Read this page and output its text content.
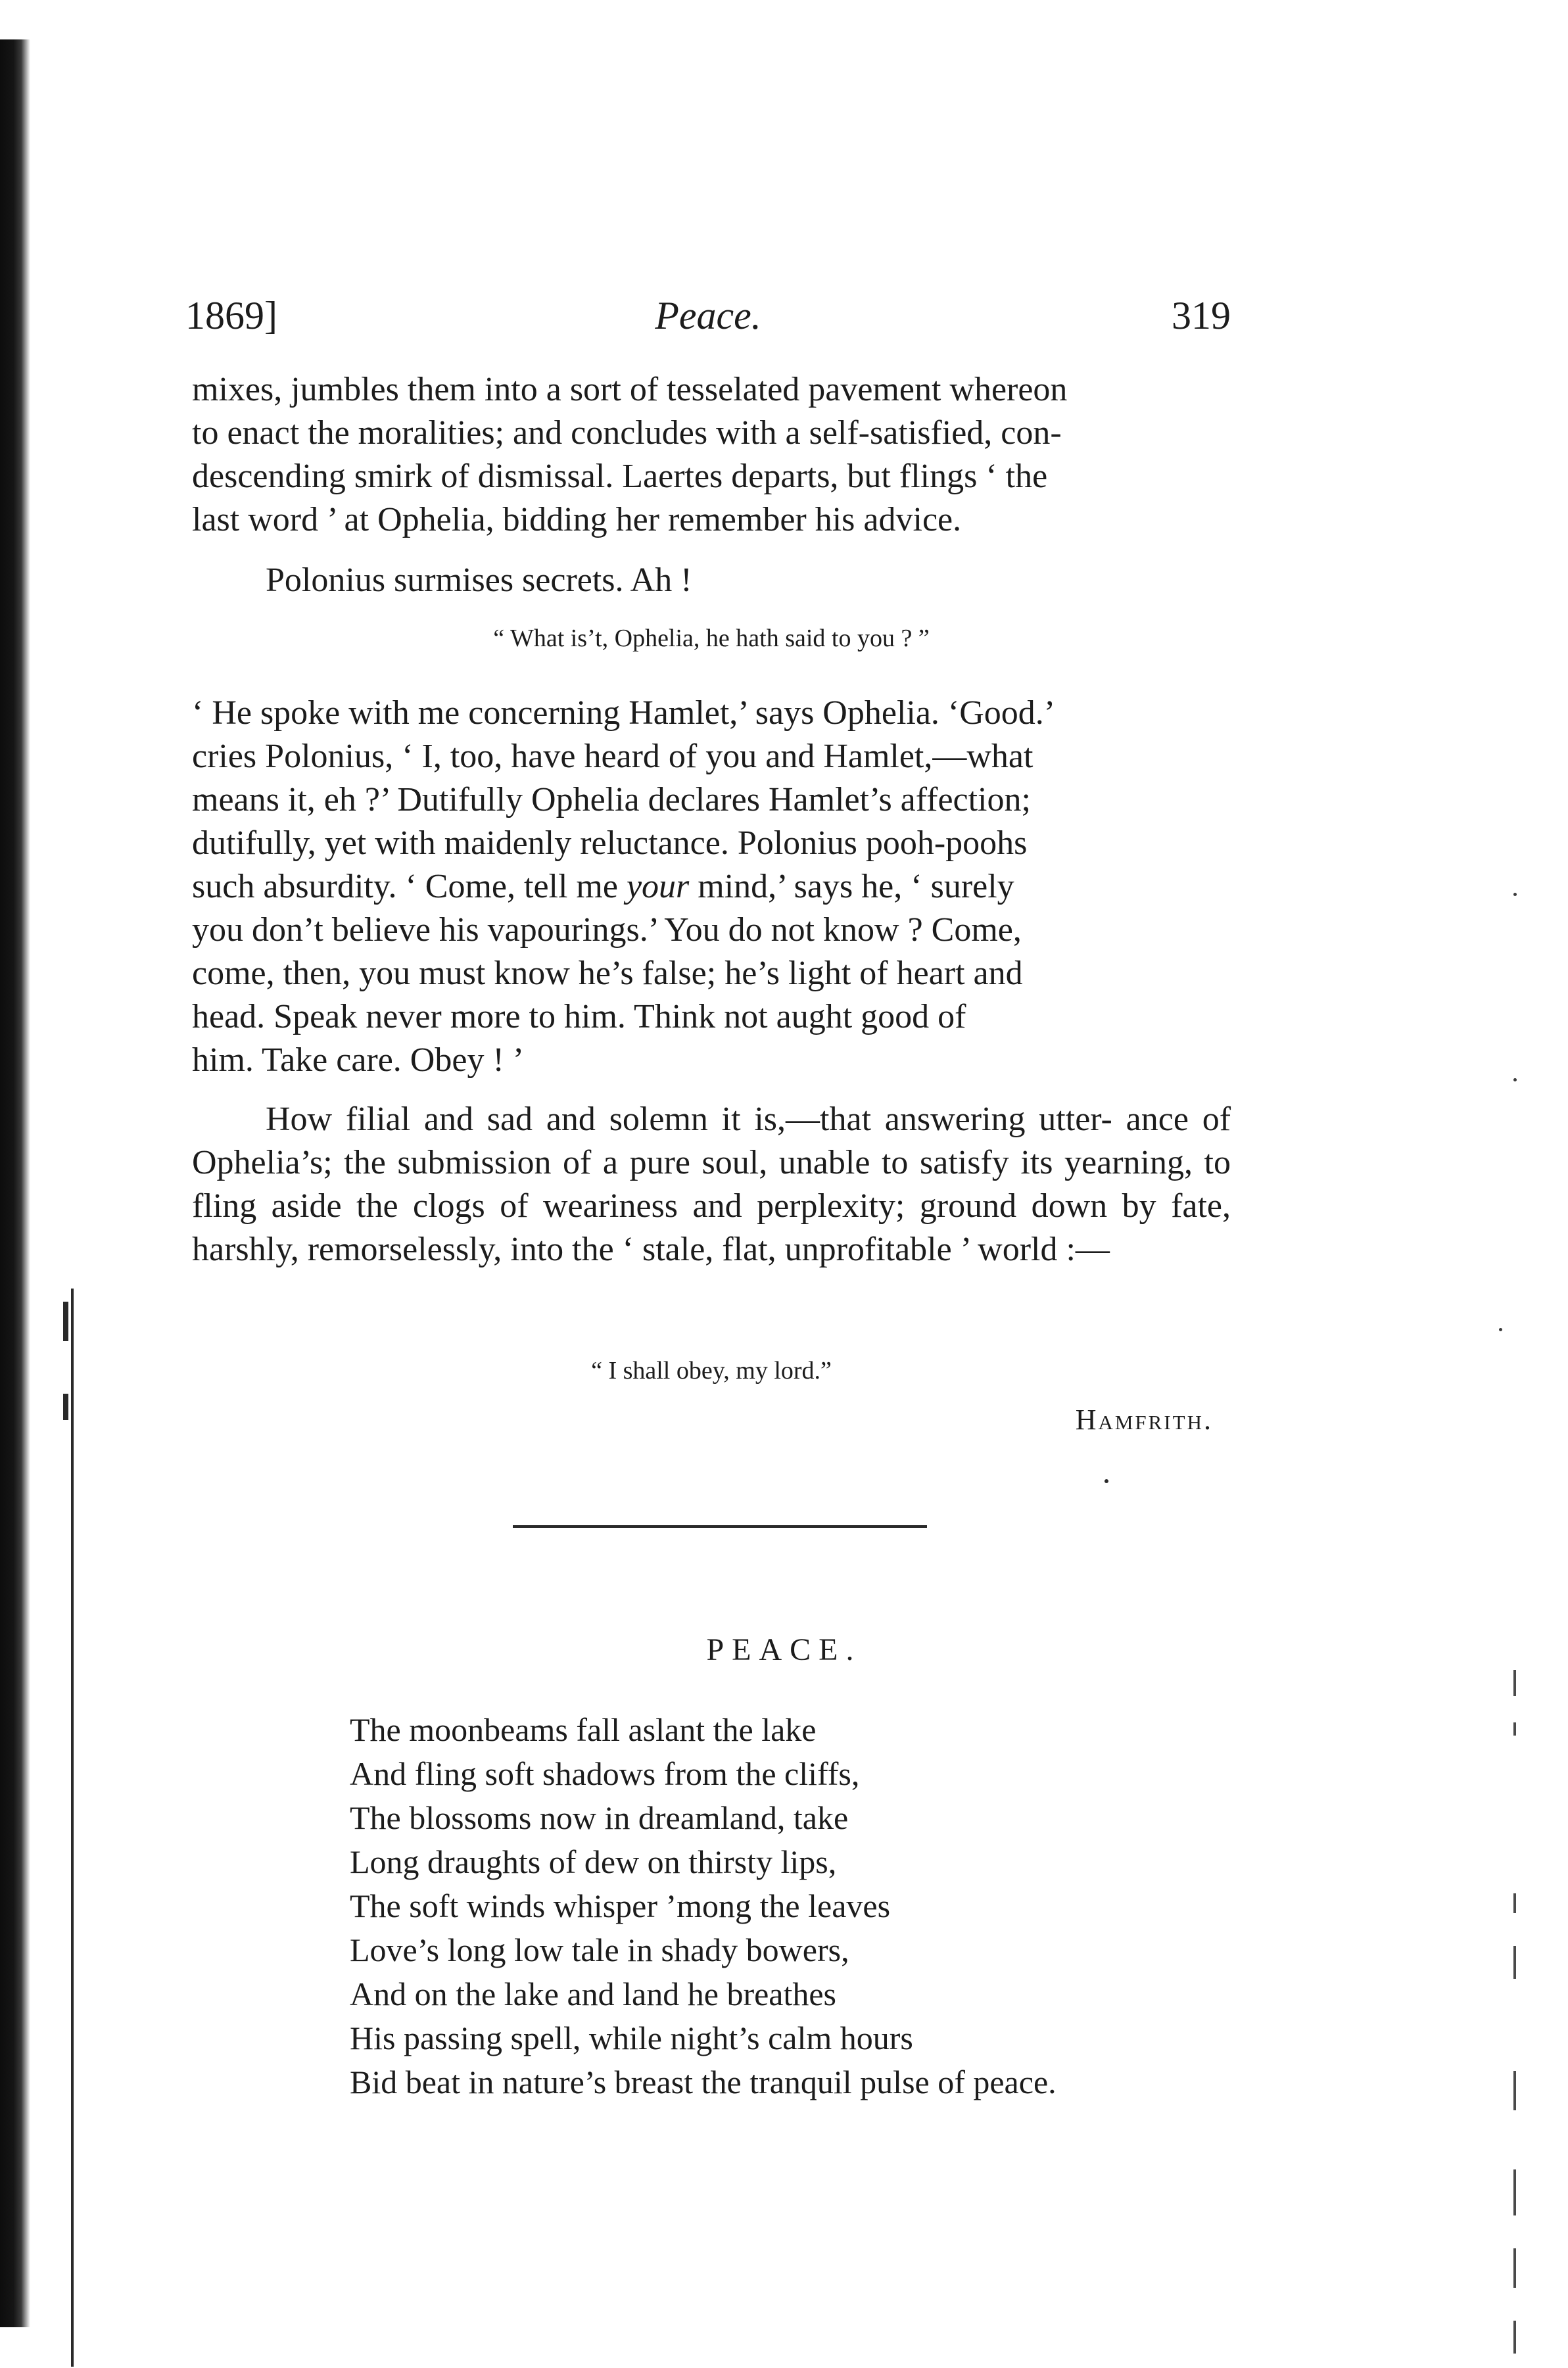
1869]	Peace.	319

mixes, jumbles them into a sort of tesselated pavement whereon
to enact the moralities; and concludes with a self-satisfied, con-
descending smirk of dismissal. Laertes departs, but flings ‘ the
last word ’ at Ophelia, bidding her remember his advice.

Polonius surmises secrets. Ah !

“ What is’t, Ophelia, he hath said to you ? ”

‘ He spoke with me concerning Hamlet,’ says Ophelia. ‘Good.’
cries Polonius, ‘ I, too, have heard of you and Hamlet,—what
means it, eh ?’ Dutifully Ophelia declares Hamlet’s affection;
dutifully, yet with maidenly reluctance. Polonius pooh-poohs
such absurdity. ‘ Come, tell me your mind,’ says he, ‘ surely
you don’t believe his vapourings.’ You do not know ? Come,
come, then, you must know he’s false; he’s light of heart and
head. Speak never more to him. Think not aught good of
him. Take care. Obey ! ’

How filial and sad and solemn it is,—that answering utter- ance of Ophelia’s; the submission of a pure soul, unable to satisfy its yearning, to fling aside the clogs of weariness and perplexity; ground down by fate, harshly, remorselessly, into the ‘ stale, flat, unprofitable ’ world :—

“ I shall obey, my lord.”
Hamfrith.
PEACE.
The moonbeams fall aslant the lake
And fling soft shadows from the cliffs,
The blossoms now in dreamland, take
Long draughts of dew on thirsty lips,
The soft winds whisper ’mong the leaves
Love’s long low tale in shady bowers,
And on the lake and land he breathes
His passing spell, while night’s calm hours
Bid beat in nature’s breast the tranquil pulse of peace.
